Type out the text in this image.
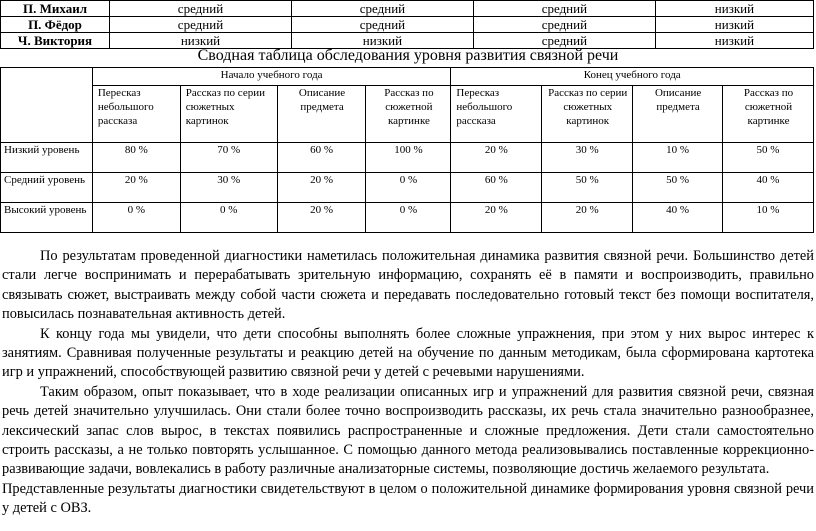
П. Михаил	средний	средний	средний	низкий
П. Фёдор	средний	средний	средний	низкий
Ч. Виктория	низкий	низкий	средний	низкий
Сводная таблица обследования уровня развития связной речи
	Начало учебного года				Конец учебного года			
	Пересказ небольшого рассказа	Рассказ по серии сюжетных картинок	Описание предмета	Рассказ по сюжетной картинке	Пересказ небольшого рассказа	Рассказ по серии сюжетных картинок	Описание предмета	Рассказ по сюжетной картинке
Низкий уровень	80 %	70 %	60 %	100 %	20 %	30 %	10 %	50 %
Средний уровень	20 %	30 %	20 %	0 %	60 %	50 %	50 %	40 %
Высокий уровень	0 %	0 %	20 %	0 %	20 %	20 %	40 %	10 %

По результатам проведенной диагностики наметилась положительная динамика развития связной речи. Большинство детей стали легче воспринимать и перерабатывать зрительную информацию, сохранять её в памяти и воспроизводить, правильно связывать сюжет, выстраивать между собой части сюжета и передавать последовательно готовый текст без помощи воспитателя, повысилась познавательная активность детей.

К концу года мы увидели, что дети способны выполнять более сложные упражнения, при этом у них вырос интерес к занятиям. Сравнивая полученные результаты и реакцию детей на обучение по данным методикам, была сформирована картотека игр и упражнений, способствующей развитию связной речи у детей с речевыми нарушениями.

Таким образом, опыт показывает, что в ходе реализации описанных игр и упражнений для развития связной речи, связная речь детей значительно улучшилась. Они стали более точно воспроизводить рассказы, их речь стала значительно разнообразнее, лексический запас слов вырос, в текстах появились распространенные и сложные предложения. Дети стали самостоятельно строить рассказы, а не только повторять услышанное. С помощью данного метода реализовывались поставленные коррекционно-развивающие задачи, вовлекались в работу различные анализаторные системы, позволяющие достичь желаемого результата.

Представленные результаты диагностики свидетельствуют в целом о положительной динамике формирования уровня связной речи у детей с ОВЗ.
